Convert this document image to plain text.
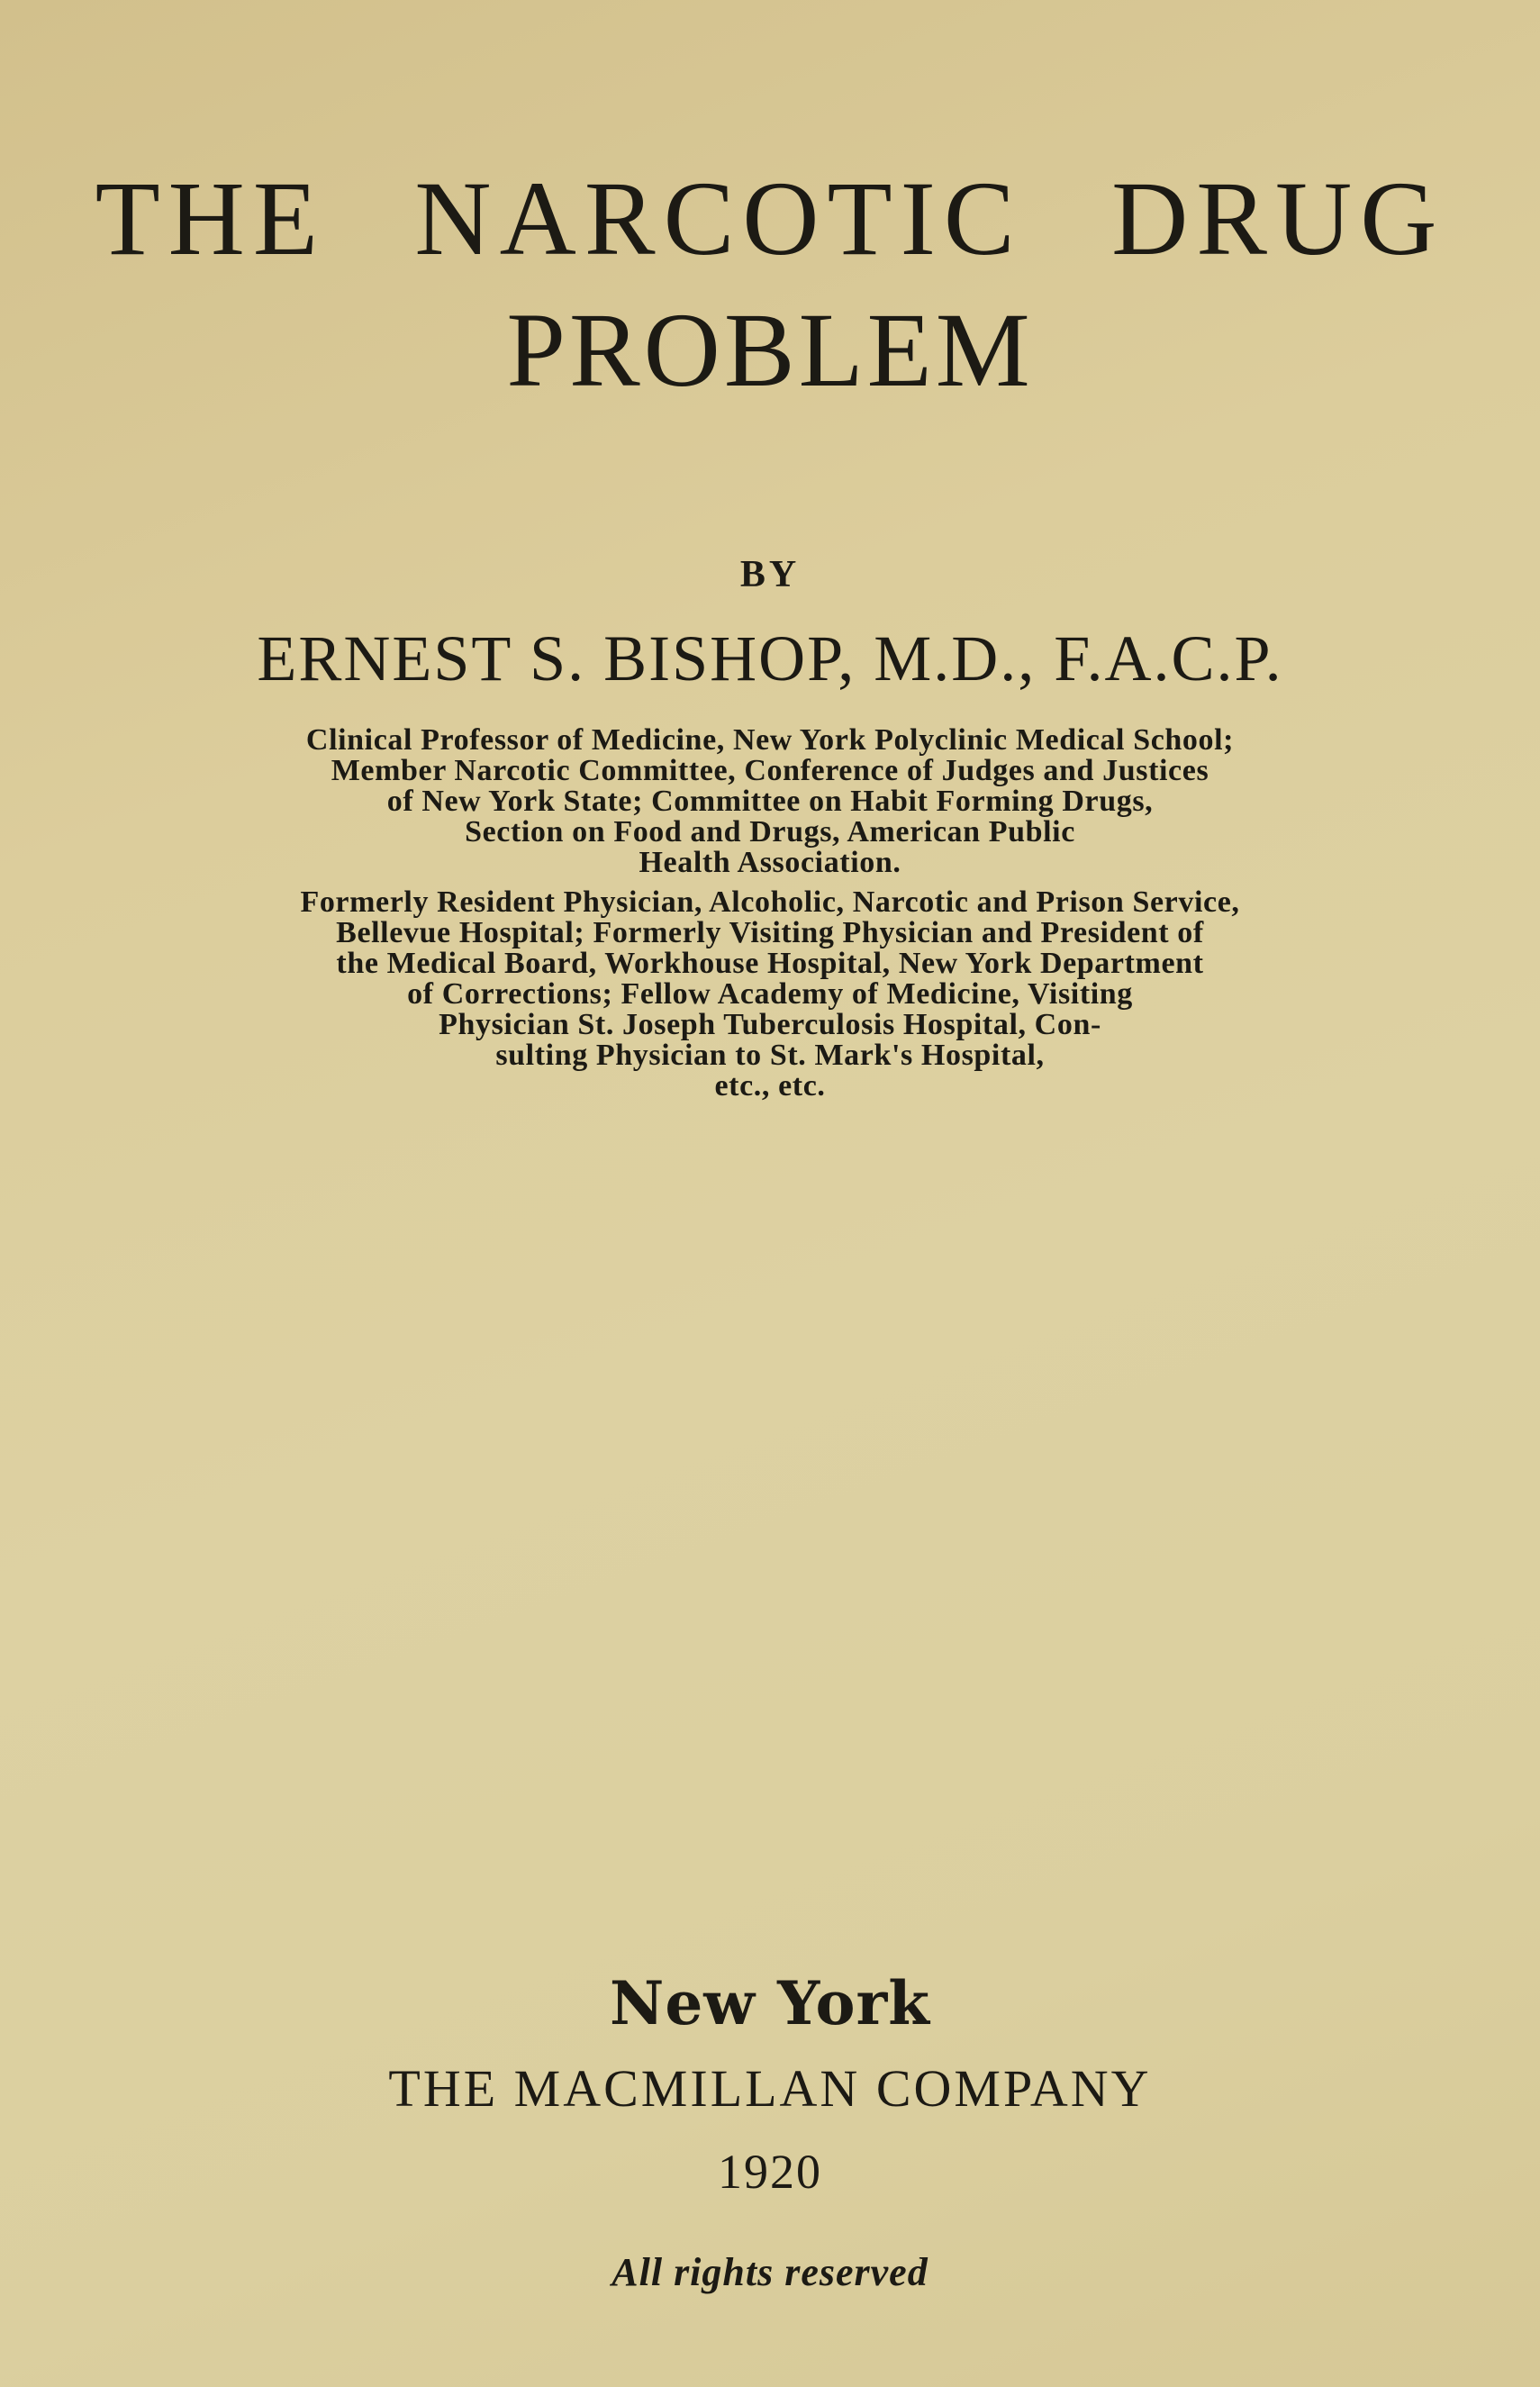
THE NARCOTIC DRUG
PROBLEM
BY
ERNEST S. BISHOP, M.D., F.A.C.P.
Clinical Professor of Medicine, New York Polyclinic Medical School;
Member Narcotic Committee, Conference of Judges and Justices
of New York State; Committee on Habit Forming Drugs,
Section on Food and Drugs, American Public
Health Association.
Formerly Resident Physician, Alcoholic, Narcotic and Prison Service,
Bellevue Hospital; Formerly Visiting Physician and President of
the Medical Board, Workhouse Hospital, New York Department
of Corrections; Fellow Academy of Medicine, Visiting
Physician St. Joseph Tuberculosis Hospital, Con-
sulting Physician to St. Mark's Hospital,
etc., etc.
New York
THE MACMILLAN COMPANY
1920
All rights reserved
